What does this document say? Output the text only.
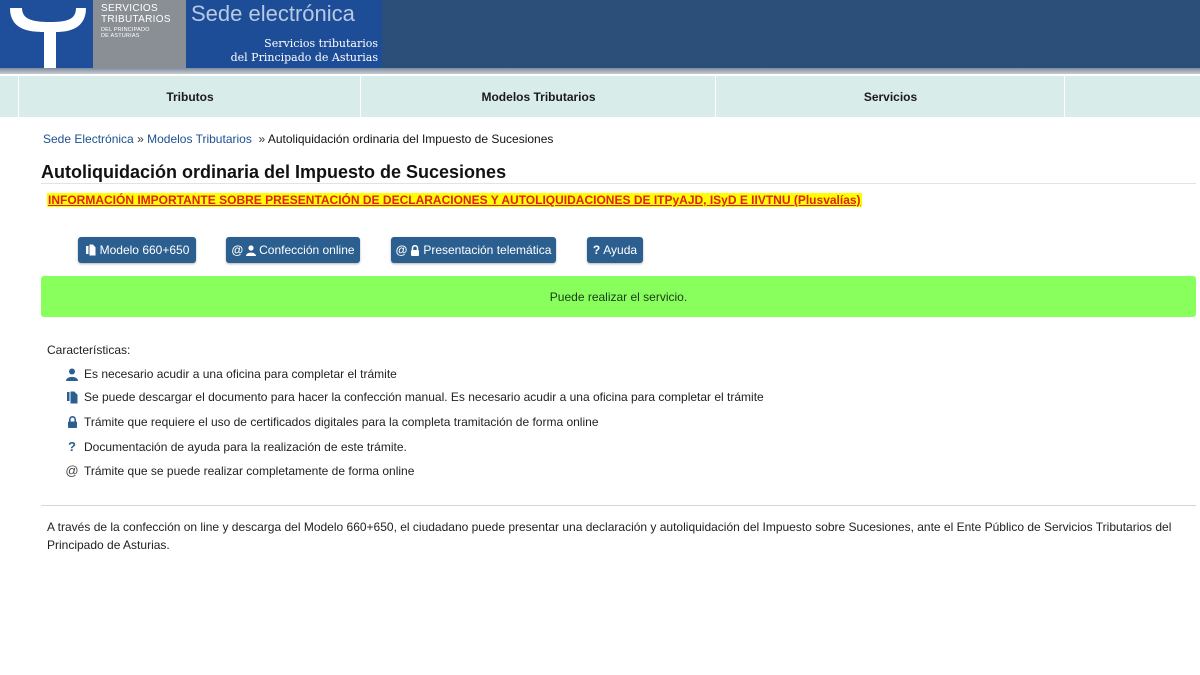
SERVICIOS
TRIBUTARIOS
DEL PRINCIPADO
DE ASTURIAS
Sede electrónica
Servicios tributarios
del Principado de Asturias
Tributos	Modelos Tributarios	Servicios
Sede Electrónica » Modelos Tributarios » Autoliquidación ordinaria del Impuesto de Sucesiones
Autoliquidación ordinaria del Impuesto de Sucesiones
INFORMACIÓN IMPORTANTE SOBRE PRESENTACIÓN DE DECLARACIONES Y AUTOLIQUIDACIONES DE ITPyAJD, ISyD E IIVTNU (Plusvalías)
Modelo 660+650	@ Confección online	@ Presentación telemática	? Ayuda
Puede realizar el servicio.
Características:
Es necesario acudir a una oficina para completar el trámite
Se puede descargar el documento para hacer la confección manual. Es necesario acudir a una oficina para completar el trámite
Trámite que requiere el uso de certificados digitales para la completa tramitación de forma online
? Documentación de ayuda para la realización de este trámite.
@ Trámite que se puede realizar completamente de forma online
A través de la confección on line y descarga del Modelo 660+650, el ciudadano puede presentar una declaración y autoliquidación del Impuesto sobre Sucesiones, ante el Ente Público de Servicios Tributarios del Principado de Asturias.
